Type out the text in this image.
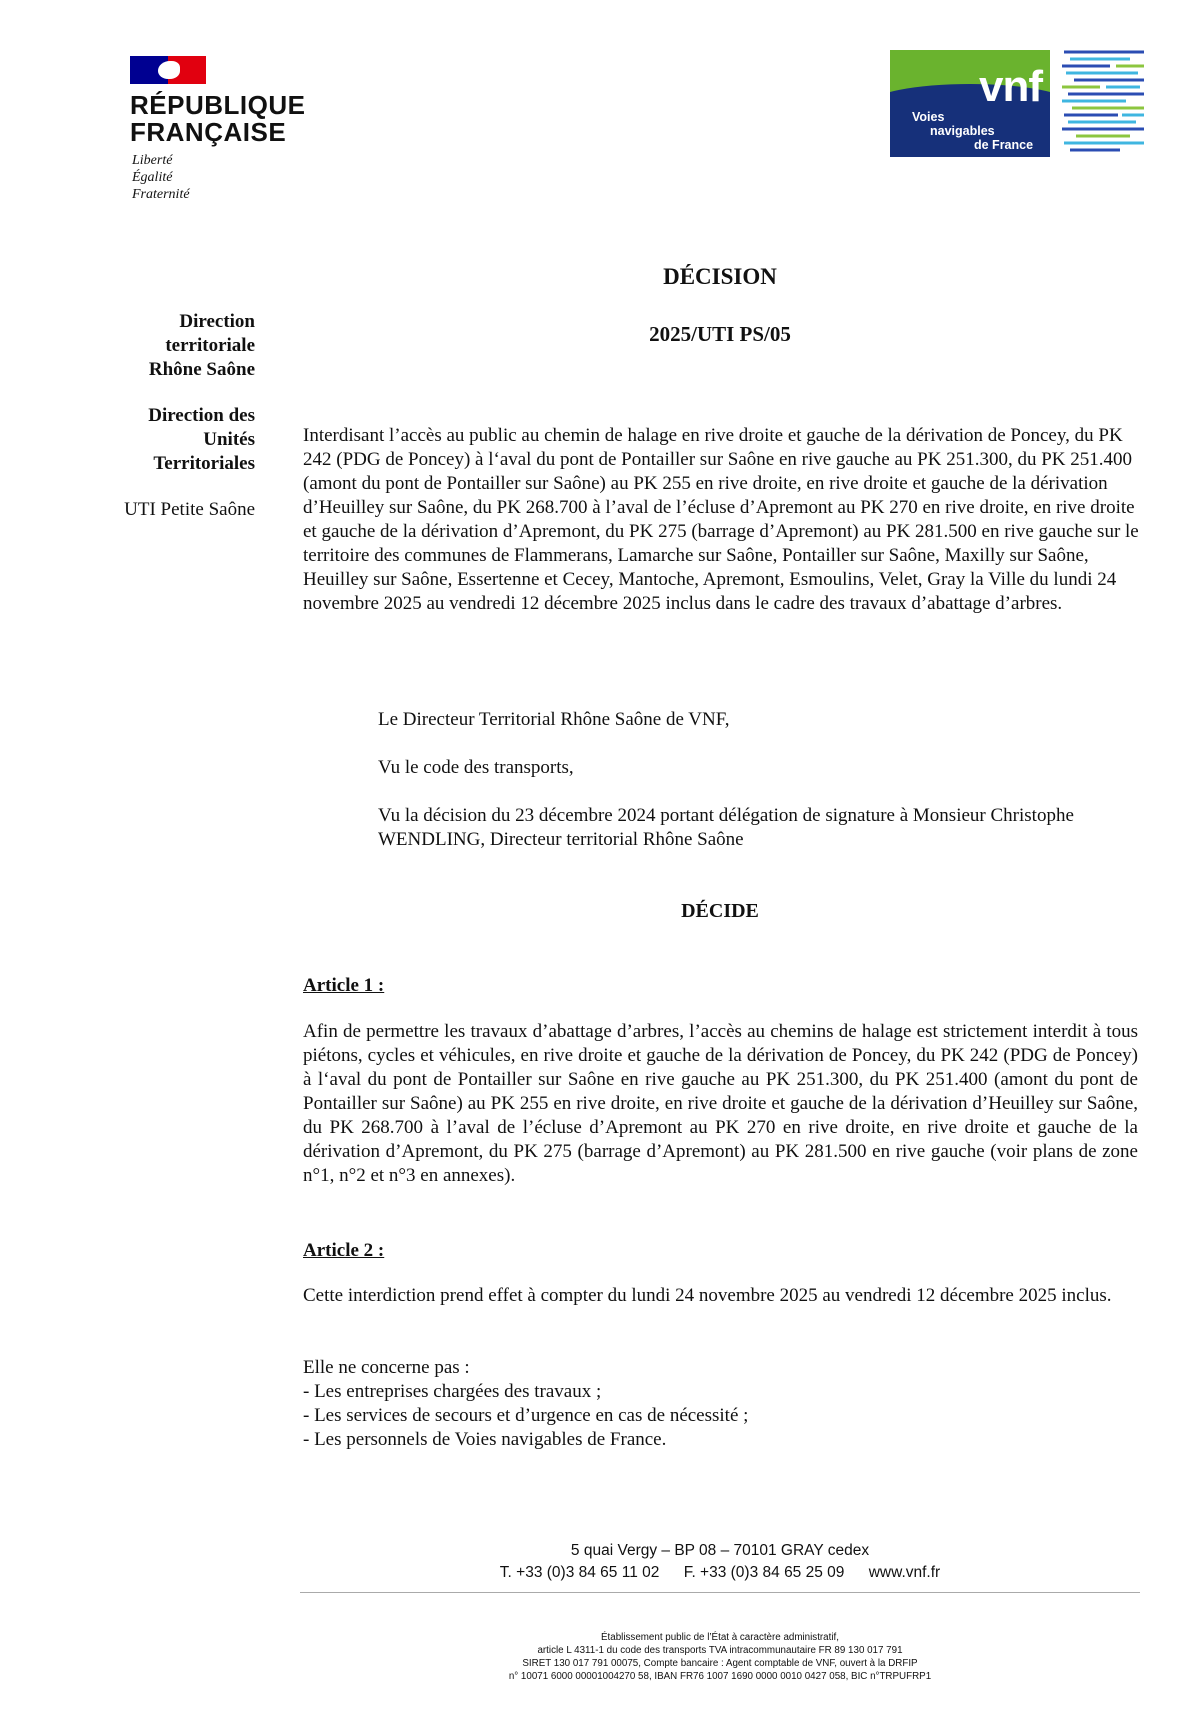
RÉPUBLIQUE
FRANÇAISE
Liberté
Égalité
Fraternité
vnf
Voies
navigables
de France
Direction
territoriale
Rhône Saône
Direction des
Unités
Territoriales
UTI Petite Saône
DÉCISION
2025/UTI PS/05
Interdisant l’accès au public au chemin de halage en rive droite et gauche de la dérivation de Poncey, du PK 242 (PDG de Poncey) à l‘aval du pont de Pontailler sur Saône en rive gauche au PK 251.300, du PK 251.400 (amont du pont de Pontailler sur Saône) au PK 255 en rive droite, en rive droite et gauche de la dérivation d’Heuilley sur Saône, du PK 268.700 à l’aval de l’écluse d’Apremont au PK 270 en rive droite, en rive droite et gauche de la dérivation d’Apremont, du PK 275 (barrage d’Apremont) au PK 281.500 en rive gauche sur le territoire des communes de Flammerans, Lamarche sur Saône, Pontailler sur Saône, Maxilly sur Saône, Heuilley sur Saône, Essertenne et Cecey, Mantoche, Apremont, Esmoulins, Velet, Gray la Ville du lundi 24 novembre 2025 au vendredi 12 décembre 2025 inclus dans le cadre des travaux d’abattage d’arbres.

Le Directeur Territorial Rhône Saône de VNF,

Vu le code des transports,

Vu la décision du 23 décembre 2024 portant délégation de signature à Monsieur Christophe WENDLING, Directeur territorial Rhône Saône

DÉCIDE
Article 1 :
Afin de permettre les travaux d’abattage d’arbres, l’accès au chemins de halage est strictement interdit à tous piétons, cycles et véhicules, en rive droite et gauche de la dérivation de Poncey, du PK 242 (PDG de Poncey) à l‘aval du pont de Pontailler sur Saône en rive gauche au PK 251.300, du PK 251.400 (amont du pont de Pontailler sur Saône) au PK 255 en rive droite, en rive droite et gauche de la dérivation d’Heuilley sur Saône, du PK 268.700 à l’aval de l’écluse d’Apremont au PK 270 en rive droite, en rive droite et gauche de la dérivation d’Apremont, du PK 275 (barrage d’Apremont) au PK 281.500 en rive gauche (voir plans de zone n°1, n°2 et n°3 en annexes).
Article 2 :
Cette interdiction prend effet à compter du lundi 24 novembre 2025 au vendredi 12 décembre 2025 inclus.
Elle ne concerne pas :
- Les entreprises chargées des travaux ;
- Les services de secours et d’urgence en cas de nécessité ;
- Les personnels de Voies navigables de France.
5 quai Vergy – BP 08 – 70101 GRAY cedex
T. +33 (0)3 84 65 11 02 F. +33 (0)3 84 65 25 09 www.vnf.fr
Établissement public de l’État à caractère administratif,
article L 4311-1 du code des transports TVA intracommunautaire FR 89 130 017 791
SIRET 130 017 791 00075, Compte bancaire : Agent comptable de VNF, ouvert à la DRFIP
n° 10071 6000 00001004270 58, IBAN FR76 1007 1690 0000 0010 0427 058, BIC n°TRPUFRP1
